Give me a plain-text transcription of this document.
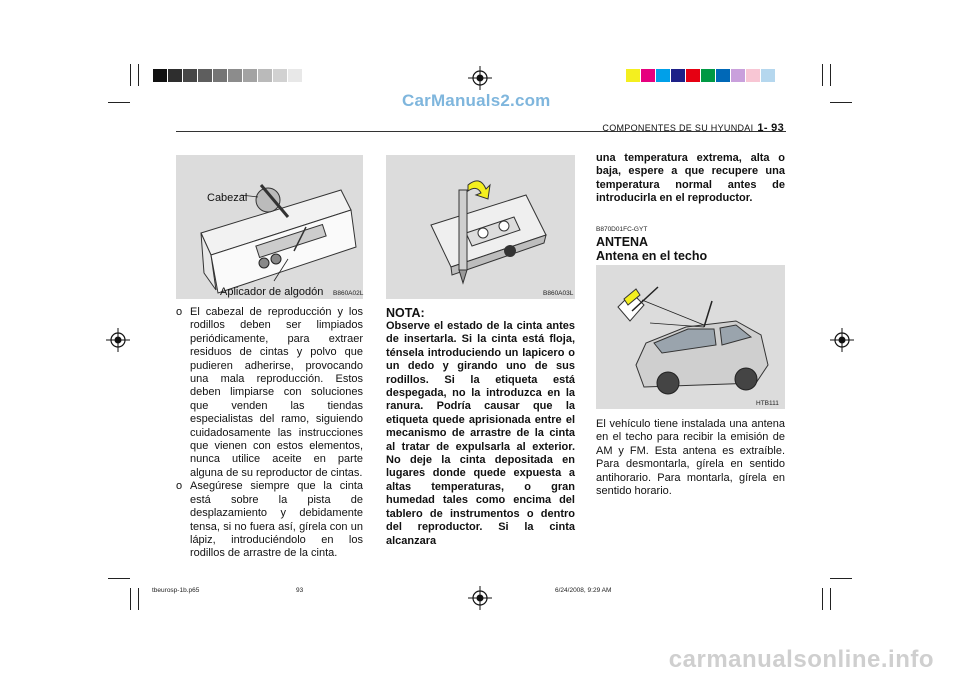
CarManuals2.com
COMPONENTES DE SU HYUNDAI 1- 93
Cabezal
Aplicador de algodón B860A02L
o El cabezal de reproducción y los rodillos deben ser limpiados periódicamente, para extraer residuos de cintas y polvo que pudieren adherirse, provocando una mala reproducción. Estos deben limpiarse con soluciones que venden las tiendas especialistas del ramo, siguiendo cuidadosamente las instrucciones que vienen con estos elementos, nunca utilice aceite en parte alguna de su reproductor de cintas.

o Asegúrese siempre que la cinta está sobre la pista de desplazamiento y debidamente tensa, si no fuera así, gírela con un lápiz, introduciéndolo en los rodillos de arrastre de la cinta.

B860A03L
NOTA:

Observe el estado de la cinta antes de insertarla. Si la cinta está floja, ténsela introduciendo un lapicero o un dedo y girando uno de sus rodillos. Si la etiqueta está despegada, no la introduzca en la ranura. Podría causar que la etiqueta quede aprisionada entre el mecanismo de arrastre de la cinta al tratar de expulsarla al exterior. No deje la cinta depositada en lugares donde quede expuesta a altas temperaturas, o gran humedad tales como encima del tablero de instrumentos o dentro del reproductor. Si la cinta alcanzara

una temperatura extrema, alta o baja, espere a que recupere una temperatura normal antes de introducirla en el reproductor.

B870D01FC-GYT
ANTENA
Antena en el techo
HTB111

El vehículo tiene instalada una antena en el techo para recibir la emisión de AM y FM. Esta antena es extraíble. Para desmontarla, gírela en sentido antihorario. Para montarla, gírela en sentido horario.

tbeurosp-1b.p65	93	6/24/2008, 9:29 AM
carmanualsonline.info
